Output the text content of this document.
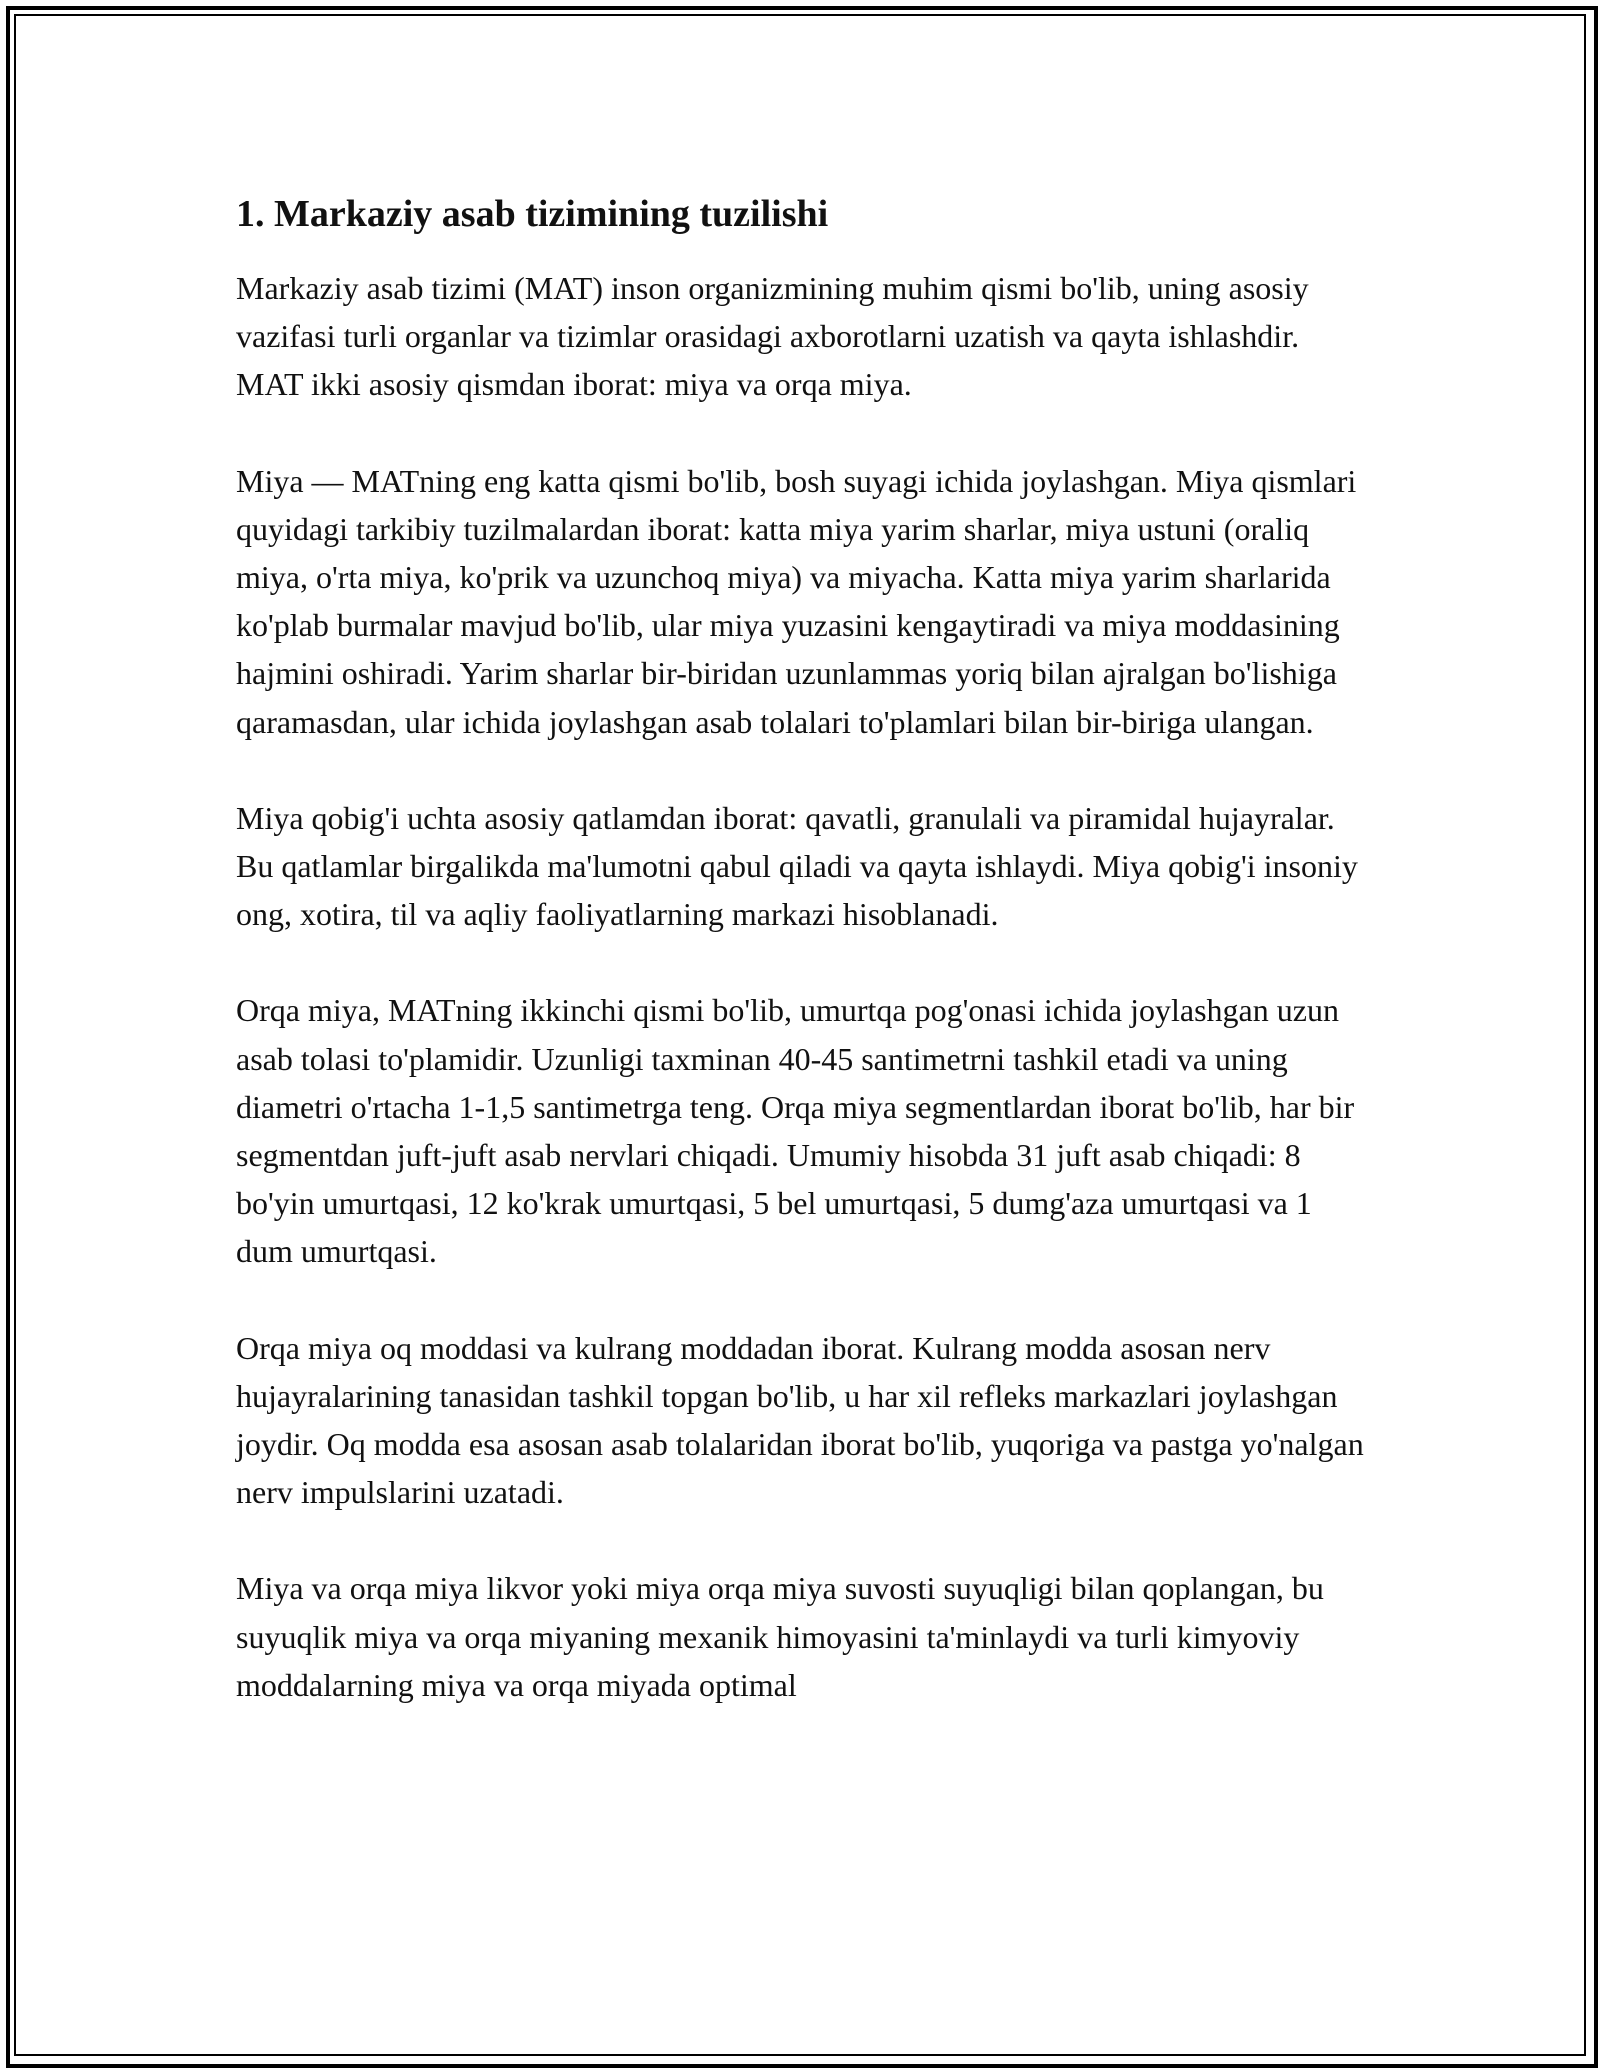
1. Markaziy asab tizimining tuzilishi

Markaziy asab tizimi (MAT) inson organizmining muhim qismi bo'lib, uning asosiy vazifasi turli organlar va tizimlar orasidagi axborotlarni uzatish va qayta ishlashdir. MAT ikki asosiy qismdan iborat: miya va orqa miya.

Miya — MATning eng katta qismi bo'lib, bosh suyagi ichida joylashgan. Miya qismlari quyidagi tarkibiy tuzilmalardan iborat: katta miya yarim sharlar, miya ustuni (oraliq miya, o'rta miya, ko'prik va uzunchoq miya) va miyacha. Katta miya yarim sharlarida ko'plab burmalar mavjud bo'lib, ular miya yuzasini kengaytiradi va miya moddasining hajmini oshiradi. Yarim sharlar bir-biridan uzunlammas yoriq bilan ajralgan bo'lishiga qaramasdan, ular ichida joylashgan asab tolalari to'plamlari bilan bir-biriga ulangan.

Miya qobig'i uchta asosiy qatlamdan iborat: qavatli, granulali va piramidal hujayralar. Bu qatlamlar birgalikda ma'lumotni qabul qiladi va qayta ishlaydi. Miya qobig'i insoniy ong, xotira, til va aqliy faoliyatlarning markazi hisoblanadi.

Orqa miya, MATning ikkinchi qismi bo'lib, umurtqa pog'onasi ichida joylashgan uzun asab tolasi to'plamidir. Uzunligi taxminan 40-45 santimetrni tashkil etadi va uning diametri o'rtacha 1-1,5 santimetrga teng. Orqa miya segmentlardan iborat bo'lib, har bir segmentdan juft-juft asab nervlari chiqadi. Umumiy hisobda 31 juft asab chiqadi: 8 bo'yin umurtqasi, 12 ko'krak umurtqasi, 5 bel umurtqasi, 5 dumg'aza umurtqasi va 1 dum umurtqasi.

Orqa miya oq moddasi va kulrang moddadan iborat. Kulrang modda asosan nerv hujayralarining tanasidan tashkil topgan bo'lib, u har xil refleks markazlari joylashgan joydir. Oq modda esa asosan asab tolalaridan iborat bo'lib, yuqoriga va pastga yo'nalgan nerv impulslarini uzatadi.

Miya va orqa miya likvor yoki miya orqa miya suvosti suyuqligi bilan qoplangan, bu suyuqlik miya va orqa miyaning mexanik himoyasini ta'minlaydi va turli kimyoviy moddalarning miya va orqa miyada optimal
